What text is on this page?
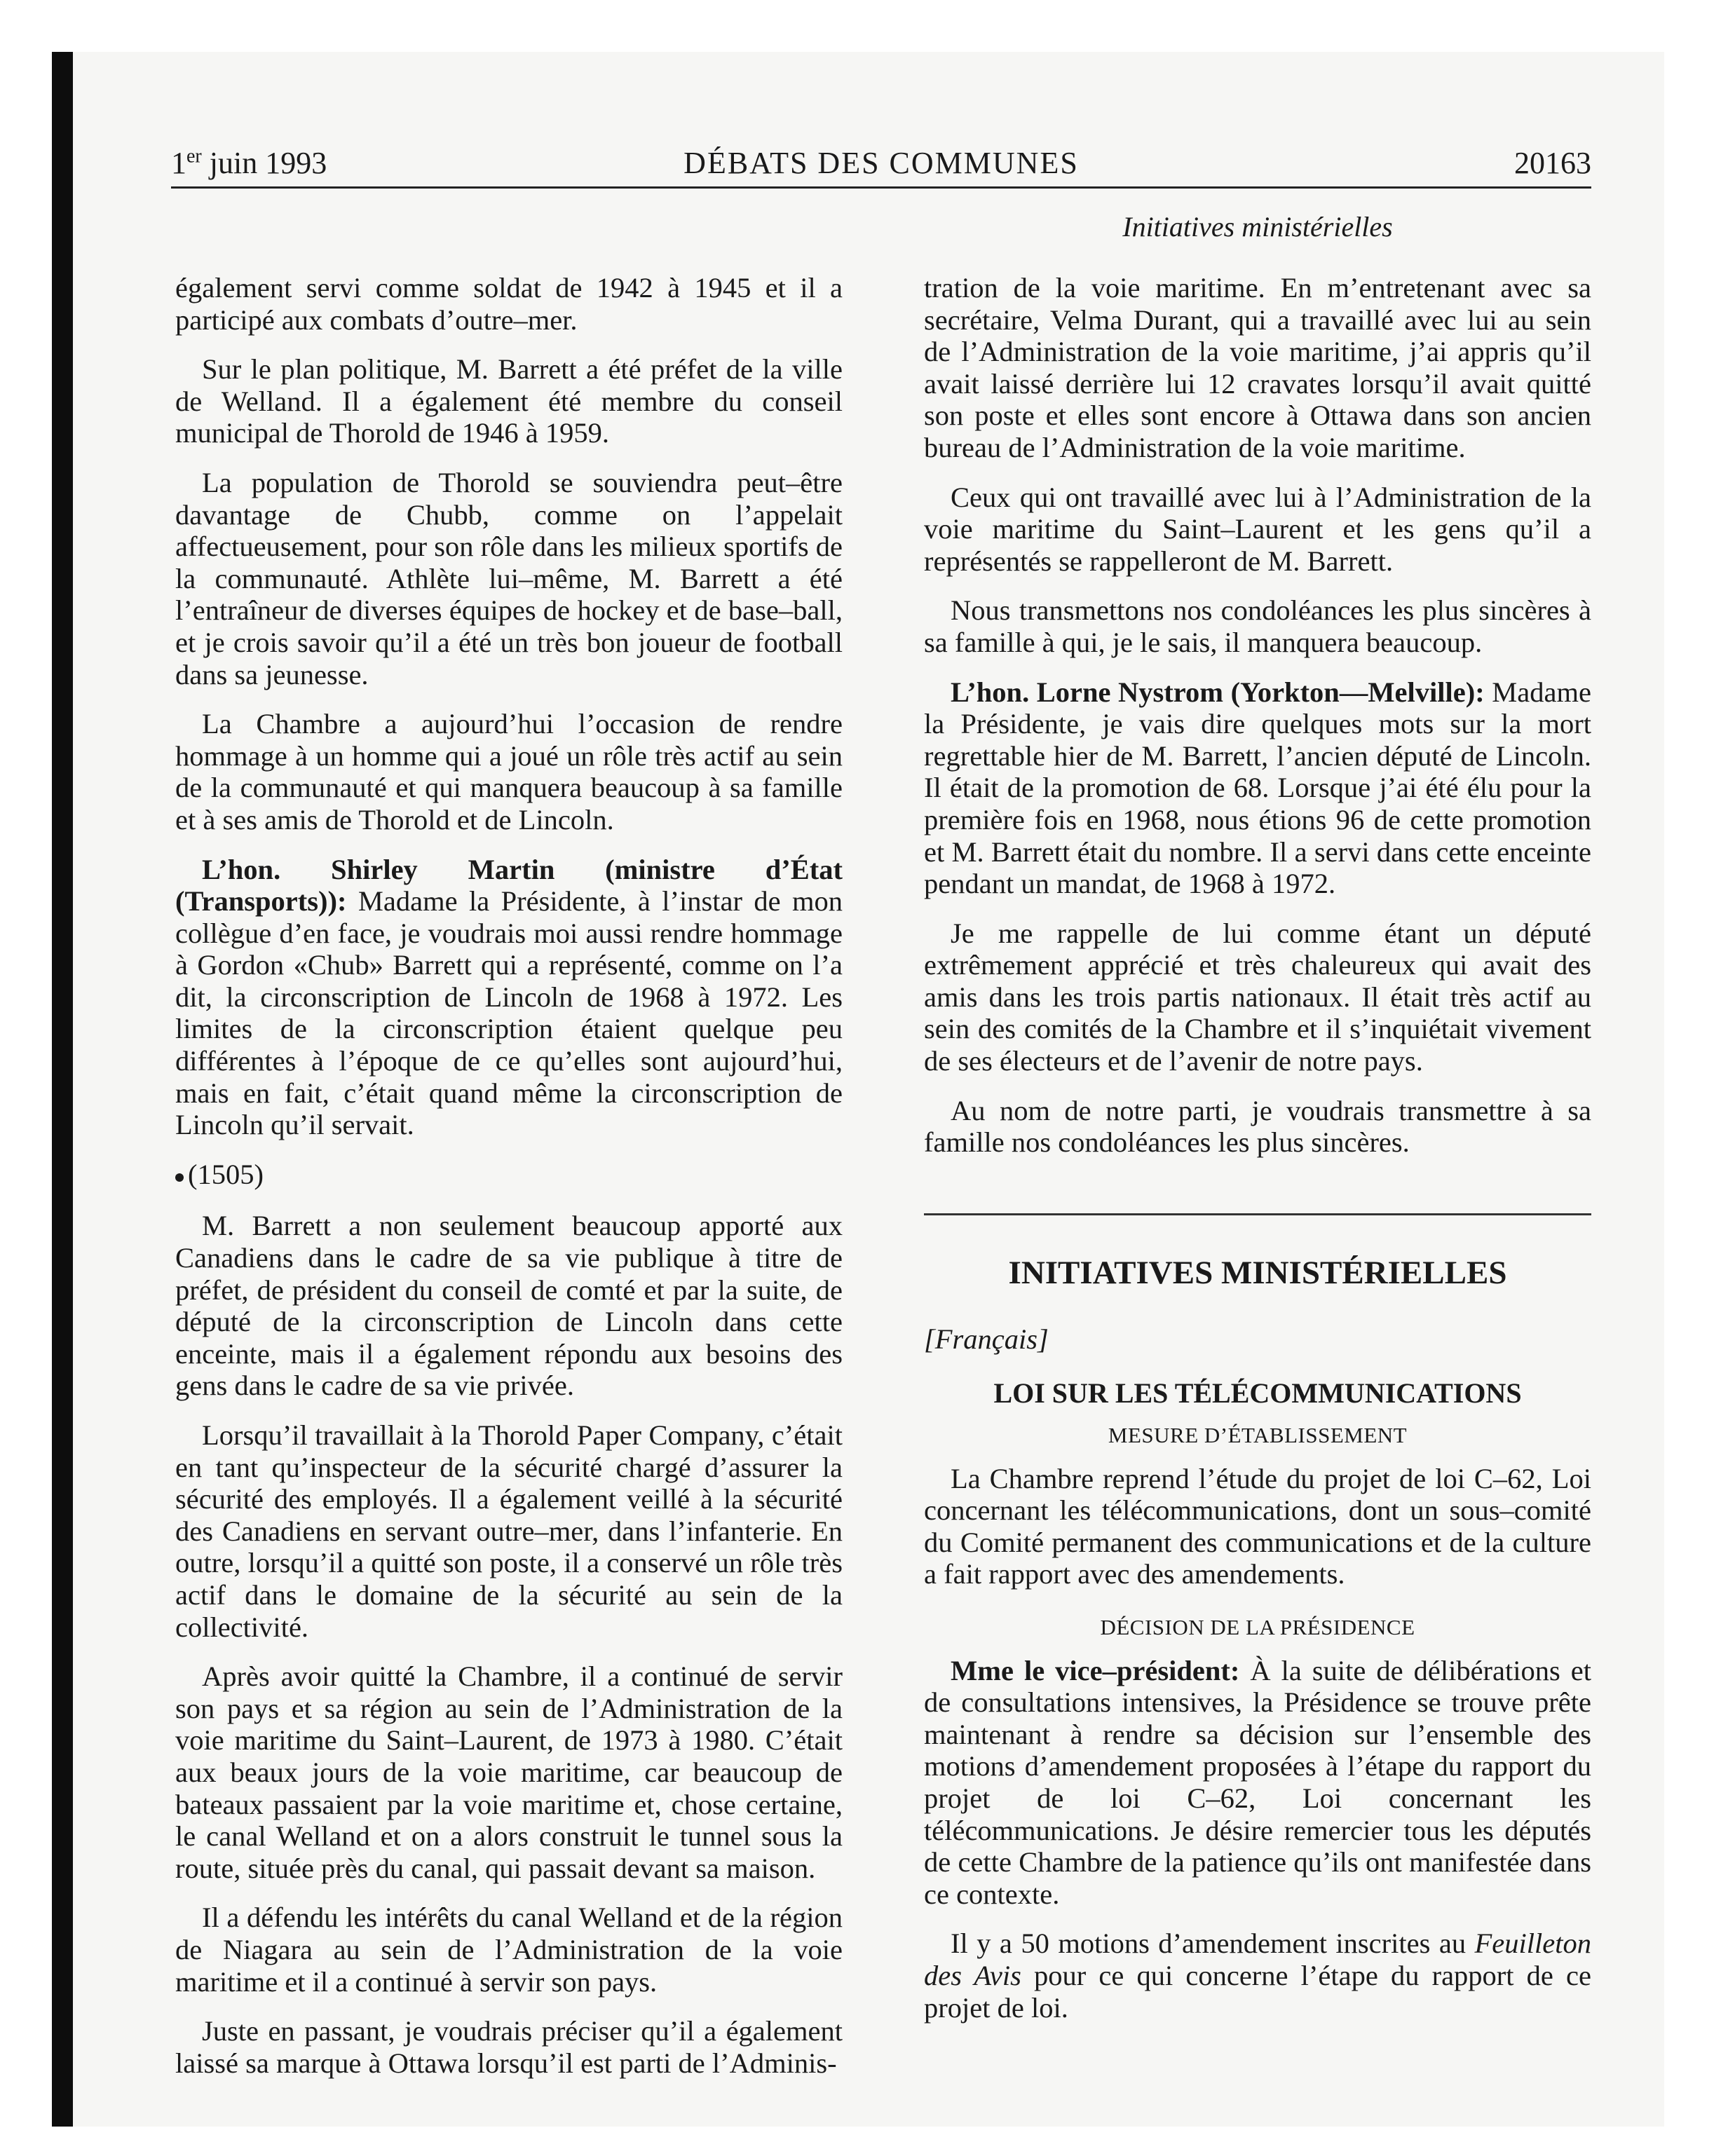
1er juin 1993	DÉBATS DES COMMUNES	20163
Initiatives ministérielles

également servi comme soldat de 1942 à 1945 et il a participé aux combats d’outre–mer.

Sur le plan politique, M. Barrett a été préfet de la ville de Welland. Il a également été membre du conseil municipal de Thorold de 1946 à 1959.

La population de Thorold se souviendra peut–être davantage de Chubb, comme on l’appelait affectueusement, pour son rôle dans les milieux sportifs de la communauté. Athlète lui–même, M. Barrett a été l’entraîneur de diverses équipes de hockey et de base–ball, et je crois savoir qu’il a été un très bon joueur de football dans sa jeunesse.

La Chambre a aujourd’hui l’occasion de rendre hommage à un homme qui a joué un rôle très actif au sein de la communauté et qui manquera beaucoup à sa famille et à ses amis de Thorold et de Lincoln.

L’hon. Shirley Martin (ministre d’État (Transports)): Madame la Présidente, à l’instar de mon collègue d’en face, je voudrais moi aussi rendre hommage à Gordon «Chub» Barrett qui a représenté, comme on l’a dit, la circonscription de Lincoln de 1968 à 1972. Les limites de la circonscription étaient quelque peu différentes à l’époque de ce qu’elles sont aujourd’hui, mais en fait, c’était quand même la circonscription de Lincoln qu’il servait.

(1505)

M. Barrett a non seulement beaucoup apporté aux Canadiens dans le cadre de sa vie publique à titre de préfet, de président du conseil de comté et par la suite, de député de la circonscription de Lincoln dans cette enceinte, mais il a également répondu aux besoins des gens dans le cadre de sa vie privée.

Lorsqu’il travaillait à la Thorold Paper Company, c’était en tant qu’inspecteur de la sécurité chargé d’assurer la sécurité des employés. Il a également veillé à la sécurité des Canadiens en servant outre–mer, dans l’infanterie. En outre, lorsqu’il a quitté son poste, il a conservé un rôle très actif dans le domaine de la sécurité au sein de la collectivité.

Après avoir quitté la Chambre, il a continué de servir son pays et sa région au sein de l’Administration de la voie maritime du Saint–Laurent, de 1973 à 1980. C’était aux beaux jours de la voie maritime, car beaucoup de bateaux passaient par la voie maritime et, chose certaine, le canal Welland et on a alors construit le tunnel sous la route, située près du canal, qui passait devant sa maison.

Il a défendu les intérêts du canal Welland et de la région de Niagara au sein de l’Administration de la voie maritime et il a continué à servir son pays.

Juste en passant, je voudrais préciser qu’il a également laissé sa marque à Ottawa lorsqu’il est parti de l’Adminis-

tration de la voie maritime. En m’entretenant avec sa secrétaire, Velma Durant, qui a travaillé avec lui au sein de l’Administration de la voie maritime, j’ai appris qu’il avait laissé derrière lui 12 cravates lorsqu’il avait quitté son poste et elles sont encore à Ottawa dans son ancien bureau de l’Administration de la voie maritime.

Ceux qui ont travaillé avec lui à l’Administration de la voie maritime du Saint–Laurent et les gens qu’il a représentés se rappelleront de M. Barrett.

Nous transmettons nos condoléances les plus sincères à sa famille à qui, je le sais, il manquera beaucoup.

L’hon. Lorne Nystrom (Yorkton—Melville): Madame la Présidente, je vais dire quelques mots sur la mort regrettable hier de M. Barrett, l’ancien député de Lincoln. Il était de la promotion de 68. Lorsque j’ai été élu pour la première fois en 1968, nous étions 96 de cette promotion et M. Barrett était du nombre. Il a servi dans cette enceinte pendant un mandat, de 1968 à 1972.

Je me rappelle de lui comme étant un député extrêmement apprécié et très chaleureux qui avait des amis dans les trois partis nationaux. Il était très actif au sein des comités de la Chambre et il s’inquiétait vivement de ses électeurs et de l’avenir de notre pays.

Au nom de notre parti, je voudrais transmettre à sa famille nos condoléances les plus sincères.

INITIATIVES MINISTÉRIELLES
[Français]
LOI SUR LES TÉLÉCOMMUNICATIONS
MESURE D’ÉTABLISSEMENT

La Chambre reprend l’étude du projet de loi C–62, Loi concernant les télécommunications, dont un sous–comité du Comité permanent des communications et de la culture a fait rapport avec des amendements.

DÉCISION DE LA PRÉSIDENCE

Mme le vice–président: À la suite de délibérations et de consultations intensives, la Présidence se trouve prête maintenant à rendre sa décision sur l’ensemble des motions d’amendement proposées à l’étape du rapport du projet de loi C–62, Loi concernant les télécommunications. Je désire remercier tous les députés de cette Chambre de la patience qu’ils ont manifestée dans ce contexte.

Il y a 50 motions d’amendement inscrites au Feuilleton des Avis pour ce qui concerne l’étape du rapport de ce projet de loi.
